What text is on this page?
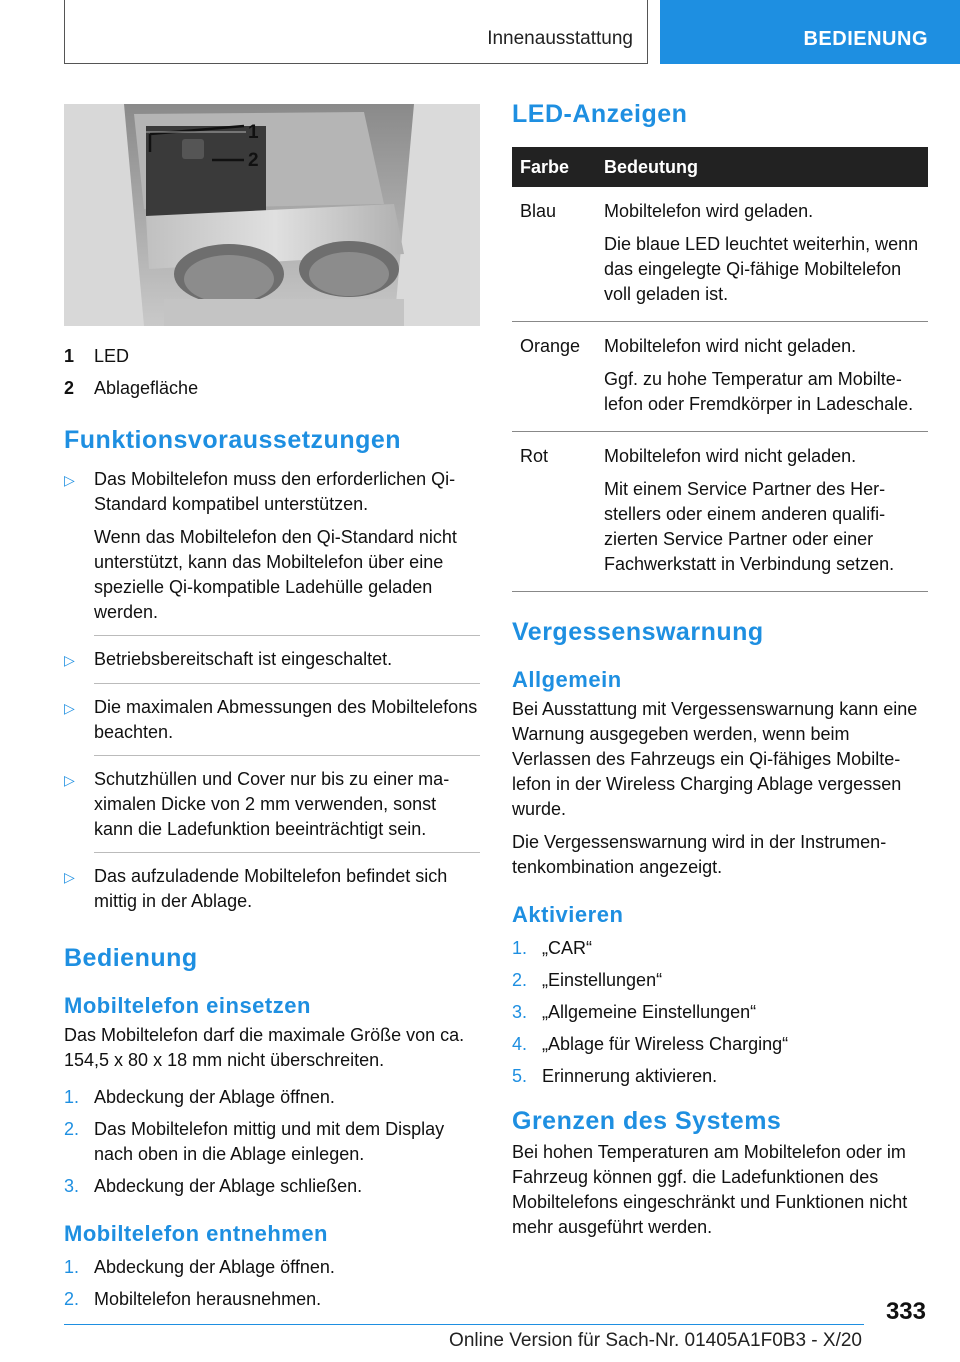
Innenausstattung	BEDIENUNG
1
2
1	LED
2	Ablagefläche
Funktionsvoraussetzungen
▷	Das Mobiltelefon muss den erforderlichen Qi-Standard kompatibel unterstützen.

Wenn das Mobiltelefon den Qi-Standard nicht unterstützt, kann das Mobiltelefon über eine spezielle Qi-kompatible Ladehülle geladen werden.

▷	Betriebsbereitschaft ist eingeschaltet.

▷	Die maximalen Abmessungen des Mobiltelefons beachten.

▷	Schutzhüllen und Cover nur bis zu einer maximalen Dicke von 2 mm verwenden, sonst kann die Ladefunktion beeinträchtigt sein.

▷	Das aufzuladende Mobiltelefon befindet sich mittig in der Ablage.

Bedienung
Mobiltelefon einsetzen

Das Mobiltelefon darf die maximale Größe von ca. 154,5 x 80 x 18 mm nicht überschreiten.

1. Abdeckung der Ablage öffnen.
2. Das Mobiltelefon mittig und mit dem Display nach oben in die Ablage einlegen.
3. Abdeckung der Ablage schließen.
Mobiltelefon entnehmen
1. Abdeckung der Ablage öffnen.
2. Mobiltelefon herausnehmen.
LED-Anzeigen
Farbe	Bedeutung
Blau	Mobiltelefon wird geladen.

Die blaue LED leuchtet weiterhin, wenn das eingelegte Qi-fähige Mobiltelefon voll geladen ist.

Orange	Mobiltelefon wird nicht geladen.

Ggf. zu hohe Temperatur am Mobiltelefon oder Fremdkörper in Ladeschale.

Rot	Mobiltelefon wird nicht geladen.

Mit einem Service Partner des Herstellers oder einem anderen qualifizierten Service Partner oder einer Fachwerkstatt in Verbindung setzen.

Vergessenswarnung
Allgemein

Bei Ausstattung mit Vergessenswarnung kann eine Warnung ausgegeben werden, wenn beim Verlassen des Fahrzeugs ein Qi-fähiges Mobiltelefon in der Wireless Charging Ablage vergessen wurde.

Die Vergessenswarnung wird in der Instrumentenkombination angezeigt.

Aktivieren
1. „CAR“
2. „Einstellungen“
3. „Allgemeine Einstellungen“
4. „Ablage für Wireless Charging“
5. Erinnerung aktivieren.
Grenzen des Systems

Bei hohen Temperaturen am Mobiltelefon oder im Fahrzeug können ggf. die Ladefunktionen des Mobiltelefons eingeschränkt und Funktionen nicht mehr ausgeführt werden.

333
Online Version für Sach-Nr. 01405A1F0B3 - X/20
